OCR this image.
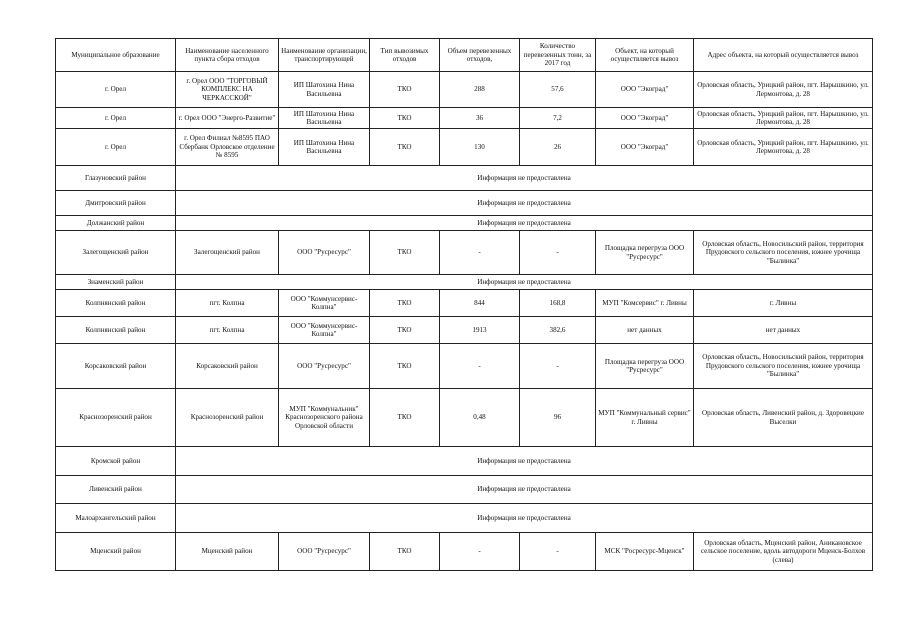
Муниципальное образование	Наименование населенного пункта сбора отходов	Наименование организации, транспортирующей	Тип вывозимых отходов	Объем перевезенных отходов,	Количество перевезенных тонн, за 2017 год	Объект, на который осуществляется вывоз	Адрес объекта, на который осуществляется вывоз
г. Орел	г. Орел ООО "ТОРГОВЫЙ КОМПЛЕКС НА ЧЕРКАССКОЙ"	ИП Шатохина Нина Васильевна	ТКО	288	57,6	ООО "Экоград"	Орловская область, Урицкий район, пгт. Нарышкино, ул. Лермонтова, д. 28
г. Орел	г. Орел ООО "Энерго-Развитие"	ИП Шатохина Нина Васильевна	ТКО	36	7,2	ООО "Экоград"	Орловская область, Урицкий район, пгт. Нарышкино, ул. Лермонтова, д. 28
г. Орел	г. Орел Филиал №8595 ПАО Сбербанк Орловское отделение № 8595	ИП Шатохина Нина Васильевна	ТКО	130	26	ООО "Экоград"	Орловская область, Урицкий район, пгт. Нарышкино, ул. Лермонтова, д. 28
Глазуновский район	Информация не предоставлена						
Дмитровский район	Информация не предоставлена						
Должанский район	Информация не предоставлена						
Залегощенский район	Залегощенский район	ООО "Русресурс"	ТКО	-	-	Площадка перегруза ООО "Русресурс"	Орловская область, Новосильский район, территория Прудовского сельского поселения, южнее урочища "Былинка"
Знаменский район	Информация не предоставлена						
Колпнянский район	пгт. Колпна	ООО "Коммунсервис-Колпна"	ТКО	844	168,8	МУП "Комсервис" г. Ливны	г. Ливны
Колпнянский район	пгт. Колпна	ООО "Коммунсервис-Колпна"	ТКО	1913	382,6	нет данных	нет данных
Корсаковский район	Корсаковский район	ООО "Русресурс"	ТКО	-	-	Площадка перегруза ООО "Русресурс"	Орловская область, Новосильский район, территория Прудовского сельского поселения, южнее урочища "Былинка"
Краснозоренский район	Краснозоренский район	МУП "Коммунальник" Краснозоренского района Орловской области	ТКО	0,48	96	МУП "Коммунальный сервис" г. Ливны	Орловская область, Ливенский район, д. Здоровецкие Выселки
Кромской район	Информация не предоставлена						
Ливенский район	Информация не предоставлена						
Малоархангельский район	Информация не предоставлена						
Мценский район	Мценский район	ООО "Русресурс"	ТКО	-	-	МСК "Росресурс-Мценск"	Орловская область, Мценский район, Аникановское сельское поселение, вдоль автодороги Мценск-Болхов (слева)
